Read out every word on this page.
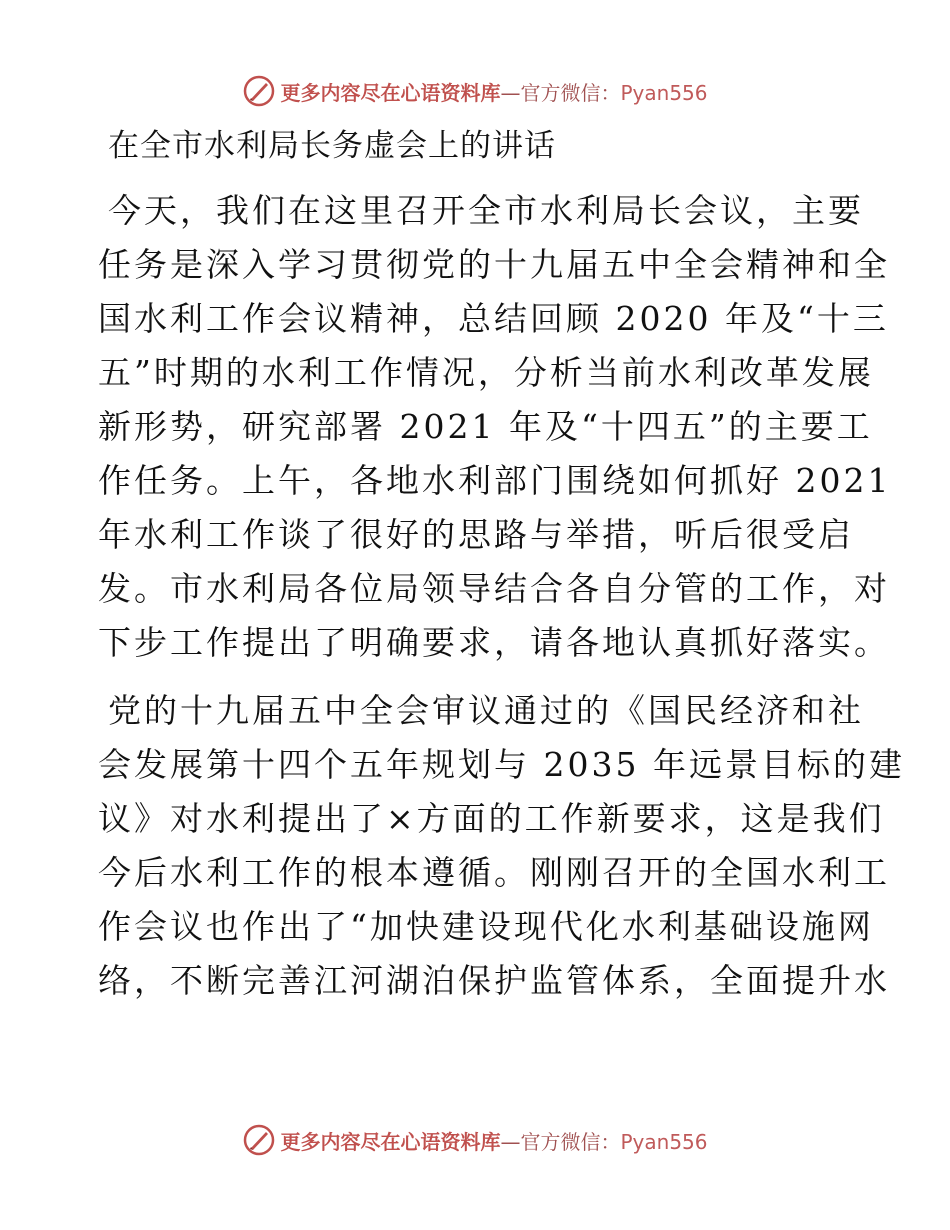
更多内容尽在心语资料库—官方微信：Pyan556
在全市水利局长务虚会上的讲话

今天，我们在这里召开全市水利局长会议，主要
任务是深入学习贯彻党的十九届五中全会精神和全
国水利工作会议精神，总结回顾 2020 年及“十三
五”时期的水利工作情况，分析当前水利改革发展
新形势，研究部署 2021 年及“十四五”的主要工
作任务。上午，各地水利部门围绕如何抓好 2021
年水利工作谈了很好的思路与举措，听后很受启
发。市水利局各位局领导结合各自分管的工作，对
下步工作提出了明确要求，请各地认真抓好落实。

党的十九届五中全会审议通过的《国民经济和社
会发展第十四个五年规划与 2035 年远景目标的建
议》对水利提出了×方面的工作新要求，这是我们
今后水利工作的根本遵循。刚刚召开的全国水利工
作会议也作出了“加快建设现代化水利基础设施网
络，不断完善江河湖泊保护监管体系，全面提升水

更多内容尽在心语资料库—官方微信：Pyan556
